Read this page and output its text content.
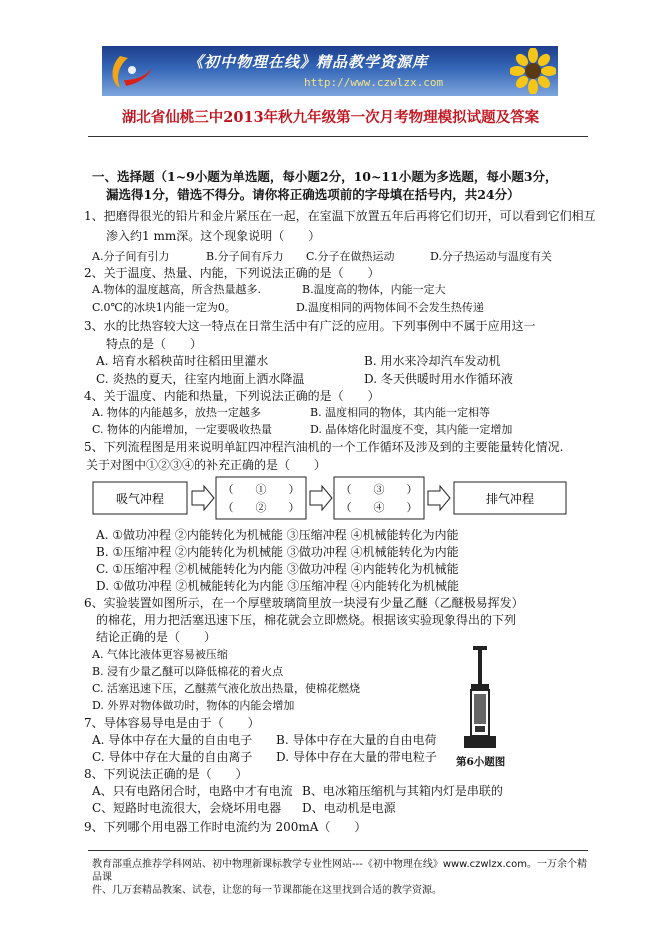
《初中物理在线》精品教学资源库
http://www.czwlzx.com
湖北省仙桃三中2013年秋九年级第一次月考物理模拟试题及答案
一、选择题（1~9小题为单选题，每小题2分，10~11小题为多选题，每小题3分，
漏选得1分，错选不得分。请你将正确选项前的字母填在括号内，共24分）
1、把磨得很光的铅片和金片紧压在一起，在室温下放置五年后再将它们切开，可以看到它们相互
渗入约1 mm深。这个现象说明（　　）
A.分子间有引力	B.分子间有斥力 C.分子在做热运动	D.分子热运动与温度有关
2、关于温度、热量、内能，下列说法正确的是（　　）
A.物体的温度越高，所含热量越多.	B.温度高的物体，内能一定大
C.0℃的冰块1内能一定为0。	D.温度相同的两物体间不会发生热传递
3、水的比热容较大这一特点在日常生活中有广泛的应用。下列事例中不属于应用这一
特点的是（　　）
A. 培育水稻秧苗时往稻田里灌水	B. 用水来冷却汽车发动机
C. 炎热的夏天，往室内地面上洒水降温	D. 冬天供暖时用水作循环液
4、关于温度、内能和热量，下列说法正确的是（　　）
A. 物体的内能越多，放热一定越多	B. 温度相同的物体，其内能一定相等
C. 物体的内能增加，一定要吸收热量	D. 晶体熔化时温度不变，其内能一定增加
5、下列流程图是用来说明单缸四冲程汽油机的一个工作循环及涉及到的主要能量转化情况.
关于对图中①②③④的补充正确的是（　　）
吸气冲程
（　　①　　）
（　　②　　）
（　　③　　）
（　　④　　）
排气冲程
A. ①做功冲程 ②内能转化为机械能 ③压缩冲程 ④机械能转化为内能
B. ①压缩冲程 ②内能转化为机械能 ③做功冲程 ④机械能转化为内能
C. ①压缩冲程 ②机械能转化为内能 ③做功冲程 ④内能转化为机械能
D. ①做功冲程 ②机械能转化为内能 ③压缩冲程 ④内能转化为机械能
6、实验装置如图所示，在一个厚壁玻璃筒里放一块浸有少量乙醚（乙醚极易挥发）
的棉花，用力把活塞迅速下压，棉花就会立即燃烧。根据该实验现象得出的下列
结论正确的是（　　）
A. 气体比液体更容易被压缩
B. 浸有少量乙醚可以降低棉花的着火点
C. 活塞迅速下压，乙醚蒸气液化放出热量，使棉花燃烧
D. 外界对物体做功时，物体的内能会增加
第6小题图
7、导体容易导电是由于（　　）
A. 导体中存在大量的自由电子 B. 导体中存在大量的自由电荷
C. 导体中存在大量的自由离子 D. 导体中存在大量的带电粒子
8、下列说法正确的是（　　）
A、只有电路闭合时，电路中才有电流 B、电冰箱压缩机与其箱内灯是串联的
C、短路时电流很大，会烧坏用电器 D、电动机是电源
9、下列哪个用电器工作时电流约为 200mA（　　）
教育部重点推荐学科网站、初中物理新课标教学专业性网站---《初中物理在线》www.czwlzx.com。一万余个精品课
件、几万套精品教案、试卷，让您的每一节课都能在这里找到合适的教学资源。
